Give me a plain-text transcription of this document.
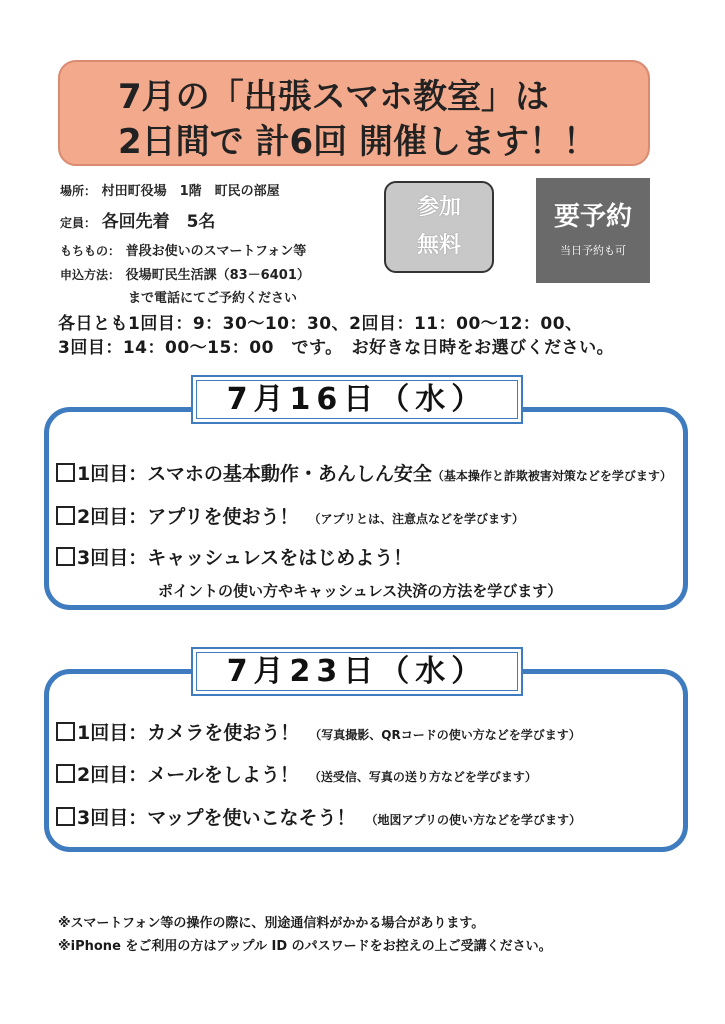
7月の「出張スマホ教室」は
2日間で 計6回 開催します！！
場所： 村田町役場　1階　町民の部屋
定員： 各回先着　5名
もちもの： 普段お使いのスマートフォン等
申込方法： 役場町民生活課（83－6401）
まで電話にてご予約ください
参加
無料
要予約
当日予約も可
各日とも1回目：9：30～10：30、2回目：11：00～12：00、
3回目：14：00～15：00　です。　お好きな日時をお選びください。
7月16日（水）
1回目：スマホの基本動作・あんしん安全（基本操作と詐欺被害対策などを学びます）
2回目：アプリを使おう！　 （アプリとは、注意点などを学びます）
3回目：キャッシュレスをはじめよう！
ポイントの使い方やキャッシュレス決済の方法を学びます）
7月23日（水）
1回目：カメラを使おう！　 （写真撮影、QRコードの使い方などを学びます）
2回目：メールをしよう！　 （送受信、写真の送り方などを学びます）
3回目：マップを使いこなそう！　 （地図アプリの使い方などを学びます）
※スマートフォン等の操作の際に、別途通信料がかかる場合があります。
※iPhone をご利用の方はアップル ID のパスワードをお控えの上ご受講ください。
